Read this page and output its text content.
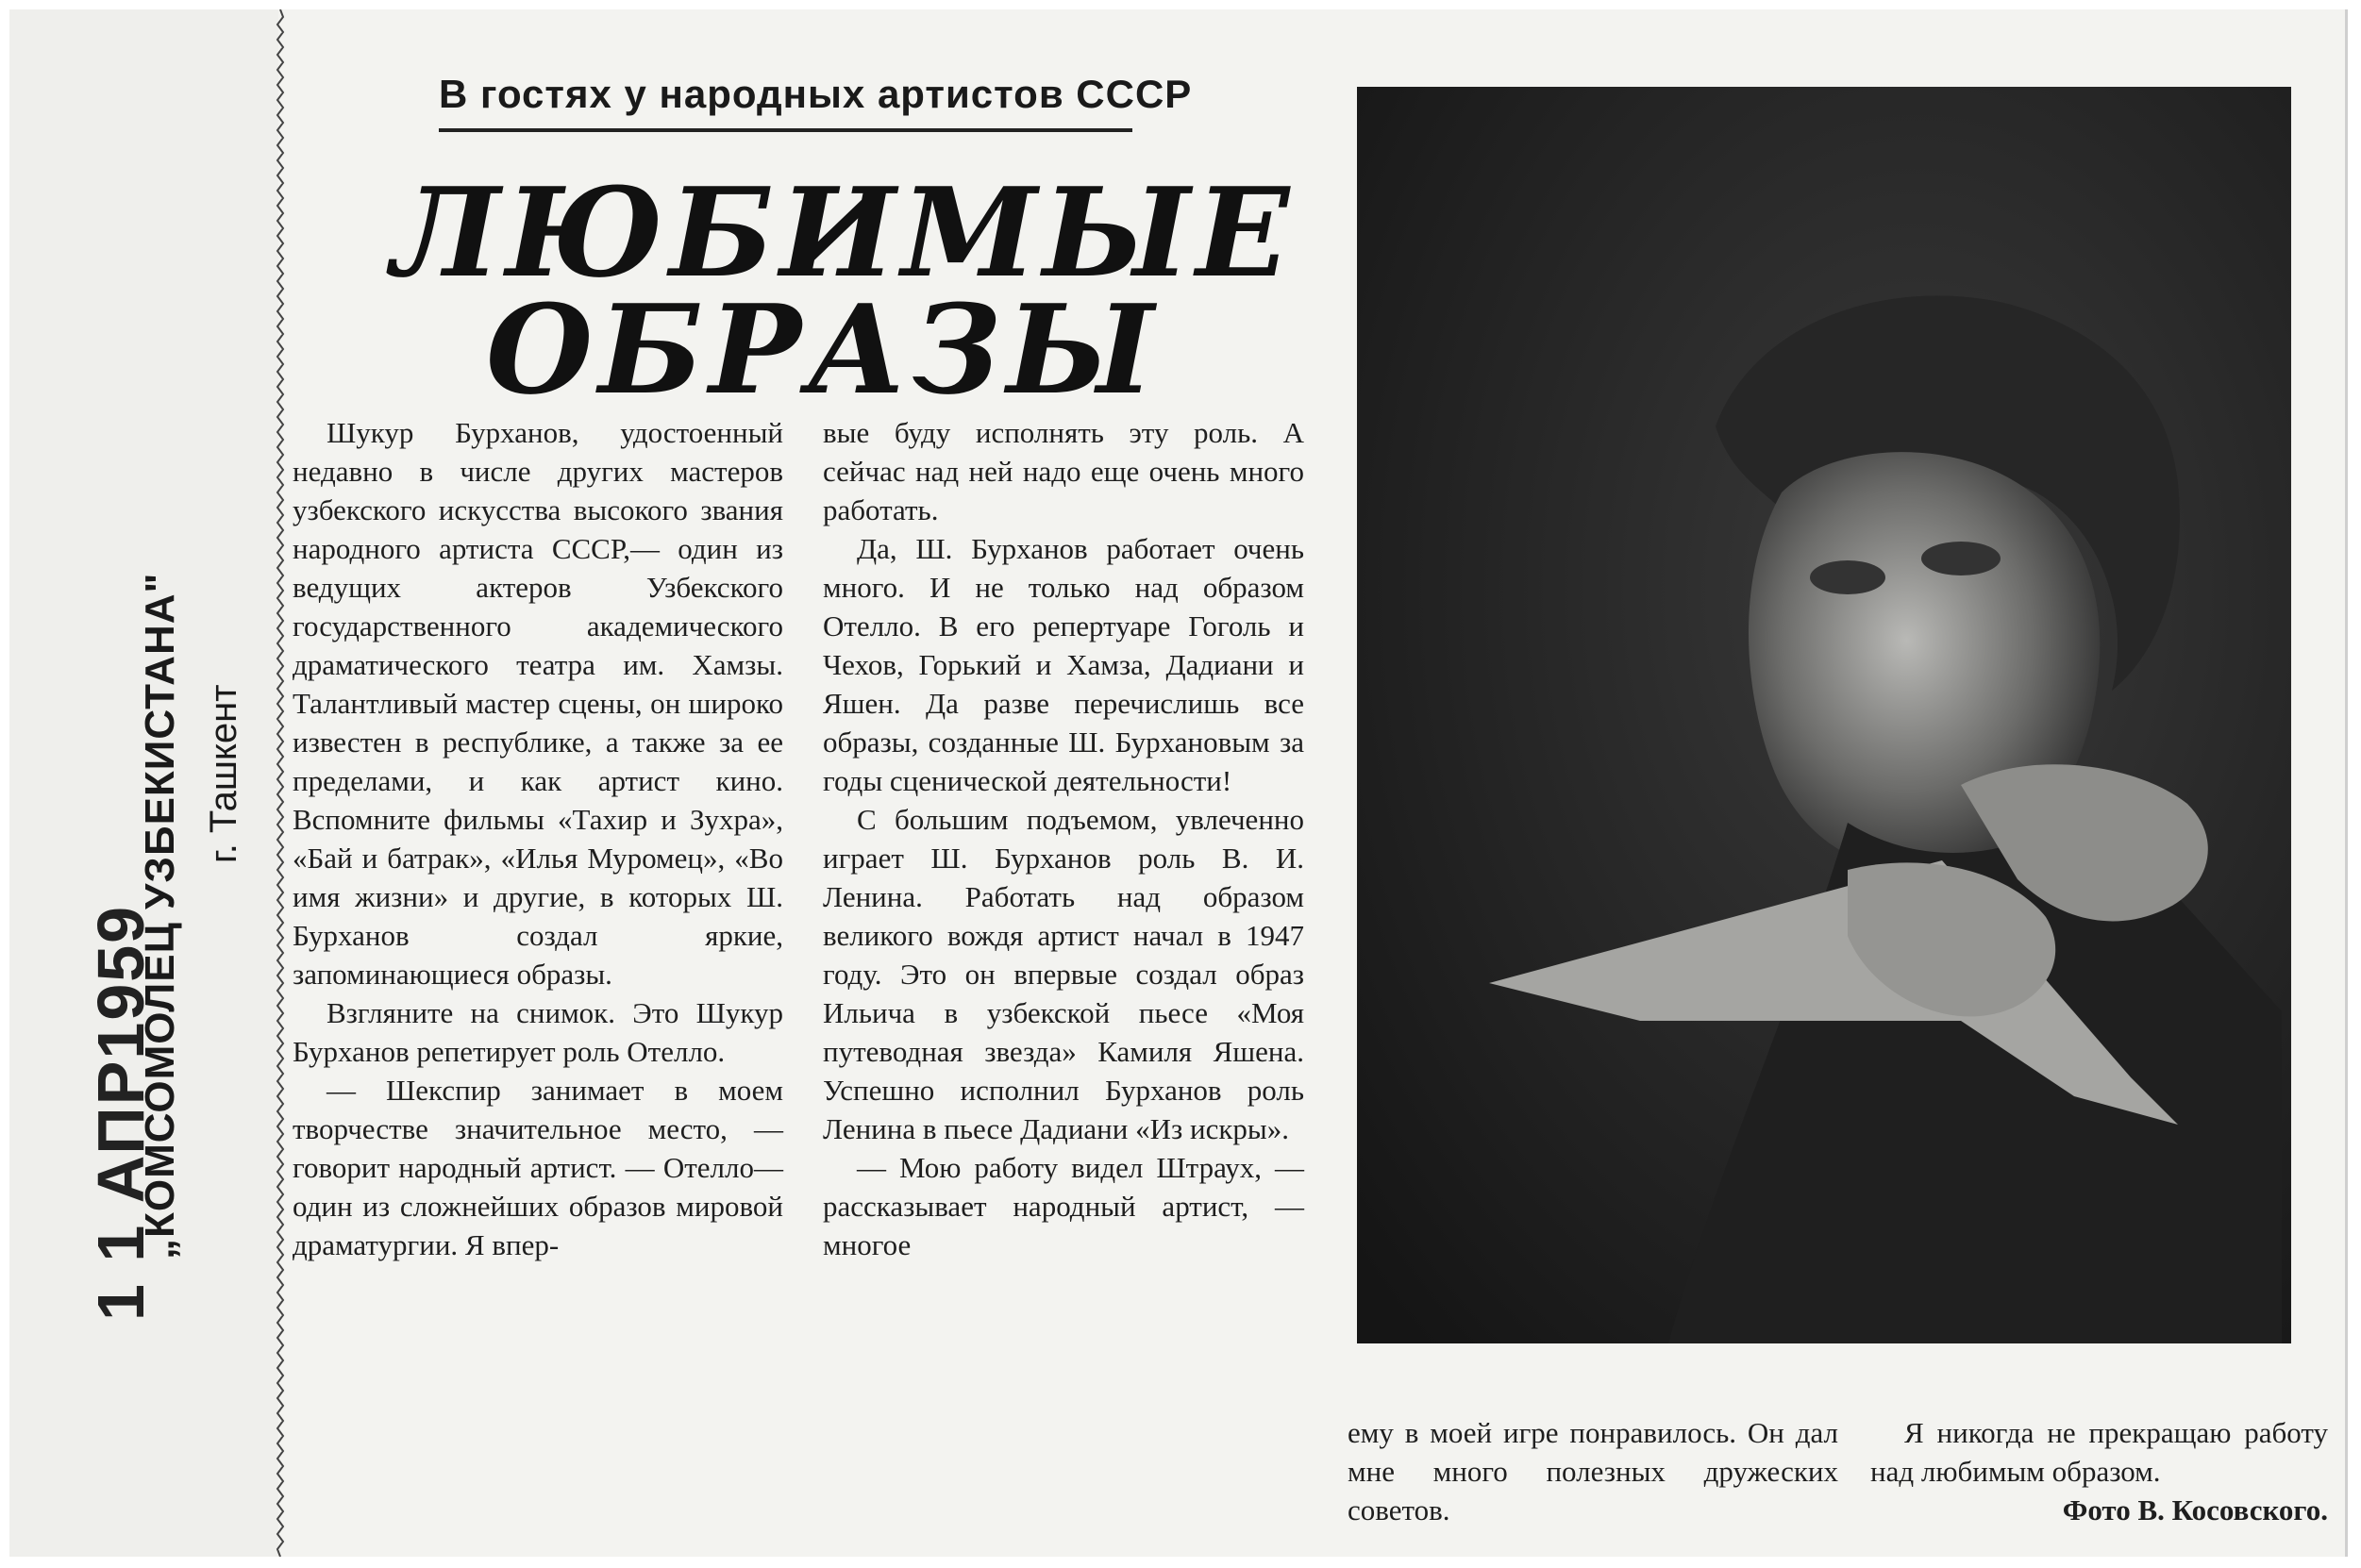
„КОМСОМОЛЕЦ УЗБЕКИСТАНА" г. Ташкент
1 1 АПР1959
В гостях у народных артистов СССР
ЛЮБИМЫЕ
ОБРАЗЫ

Шукур Бурханов, удостоенный недавно в числе других мастеров узбекского искусства высокого звания народного артиста СССР,— один из ведущих актеров Узбекского государственного академического драматического театра им. Хамзы. Талантливый мастер сцены, он широко известен в республике, а также за ее пределами, и как артист кино. Вспомните фильмы «Тахир и Зухра», «Бай и батрак», «Илья Муромец», «Во имя жизни» и другие, в которых Ш. Бурханов создал яркие, запоминающиеся образы.

Взгляните на снимок. Это Шукур Бурханов репетирует роль Отелло.

— Шекспир занимает в моем творчестве значительное место, — говорит народный артист. — Отелло—один из сложнейших образов мировой драматургии. Я впер-

вые буду исполнять эту роль. А сейчас над ней надо еще очень много работать.

Да, Ш. Бурханов работает очень много. И не только над образом Отелло. В его репертуаре Гоголь и Чехов, Горький и Хамза, Дадиани и Яшен. Да разве перечислишь все образы, созданные Ш. Бурхановым за годы сценической деятельности!

С большим подъемом, увлеченно играет Ш. Бурханов роль В. И. Ленина. Работать над образом великого вождя артист начал в 1947 году. Это он впервые создал образ Ильича в узбекской пьесе «Моя путеводная звезда» Камиля Яшена. Успешно исполнил Бурханов роль Ленина в пьесе Дадиани «Из искры».

— Мою работу видел Штраух, — рассказывает народный артист, — многое

ему в моей игре понравилось. Он дал мне много полезных дружеских советов.

Я никогда не прекращаю работу над любимым образом.

Фото В. Косовского.
